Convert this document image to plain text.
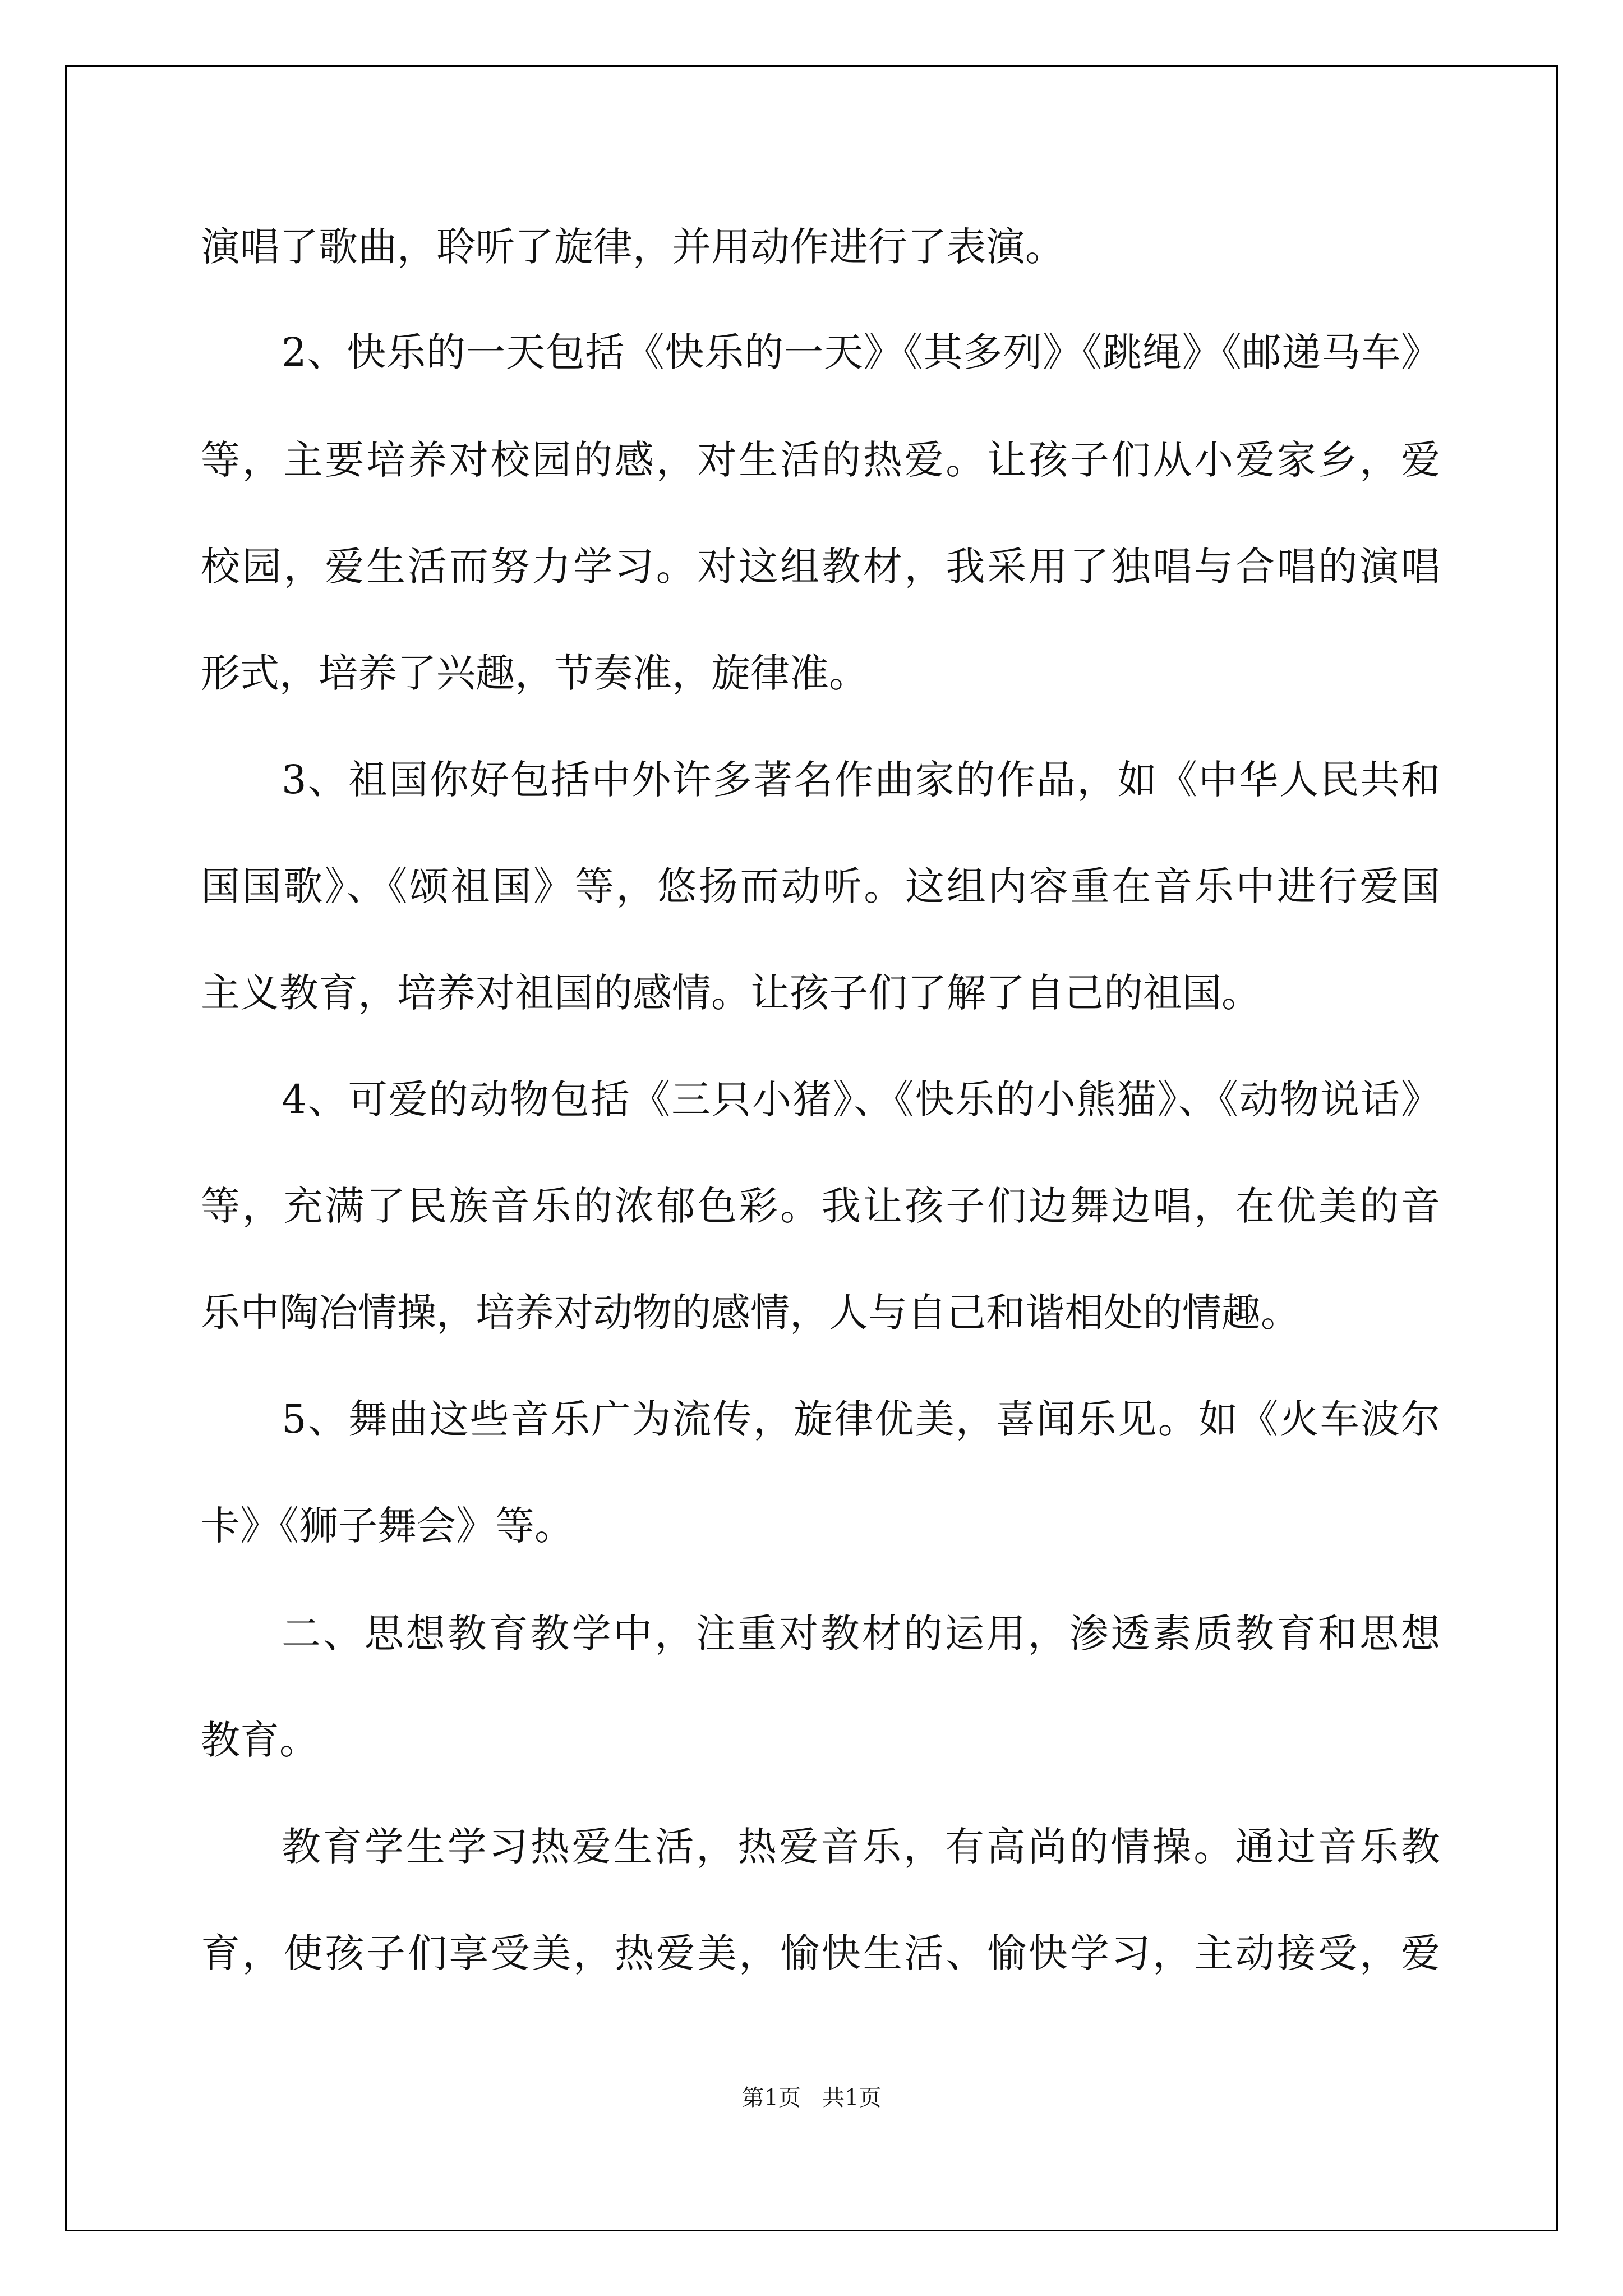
演唱了歌曲，聆听了旋律，并用动作进行了表演。
2、快乐的一天包括《快乐的一天》《其多列》《跳绳》《邮递马车》
等，主要培养对校园的感，对生活的热爱。让孩子们从小爱家乡，爱
校园，爱生活而努力学习。对这组教材，我采用了独唱与合唱的演唱
形式，培养了兴趣，节奏准，旋律准。
3、祖国你好包括中外许多著名作曲家的作品，如《中华人民共和
国国歌》、《颂祖国》等，悠扬而动听。这组内容重在音乐中进行爱国
主义教育，培养对祖国的感情。让孩子们了解了自己的祖国。
4、可爱的动物包括《三只小猪》、《快乐的小熊猫》、《动物说话》
等，充满了民族音乐的浓郁色彩。我让孩子们边舞边唱，在优美的音
乐中陶冶情操，培养对动物的感情，人与自己和谐相处的情趣。
5、舞曲这些音乐广为流传，旋律优美，喜闻乐见。如《火车波尔
卡》《狮子舞会》等。
二、思想教育教学中，注重对教材的运用，渗透素质教育和思想
教育。
教育学生学习热爱生活，热爱音乐，有高尚的情操。通过音乐教
育，使孩子们享受美，热爱美，愉快生活、愉快学习，主动接受，爱
第1页   共1页
